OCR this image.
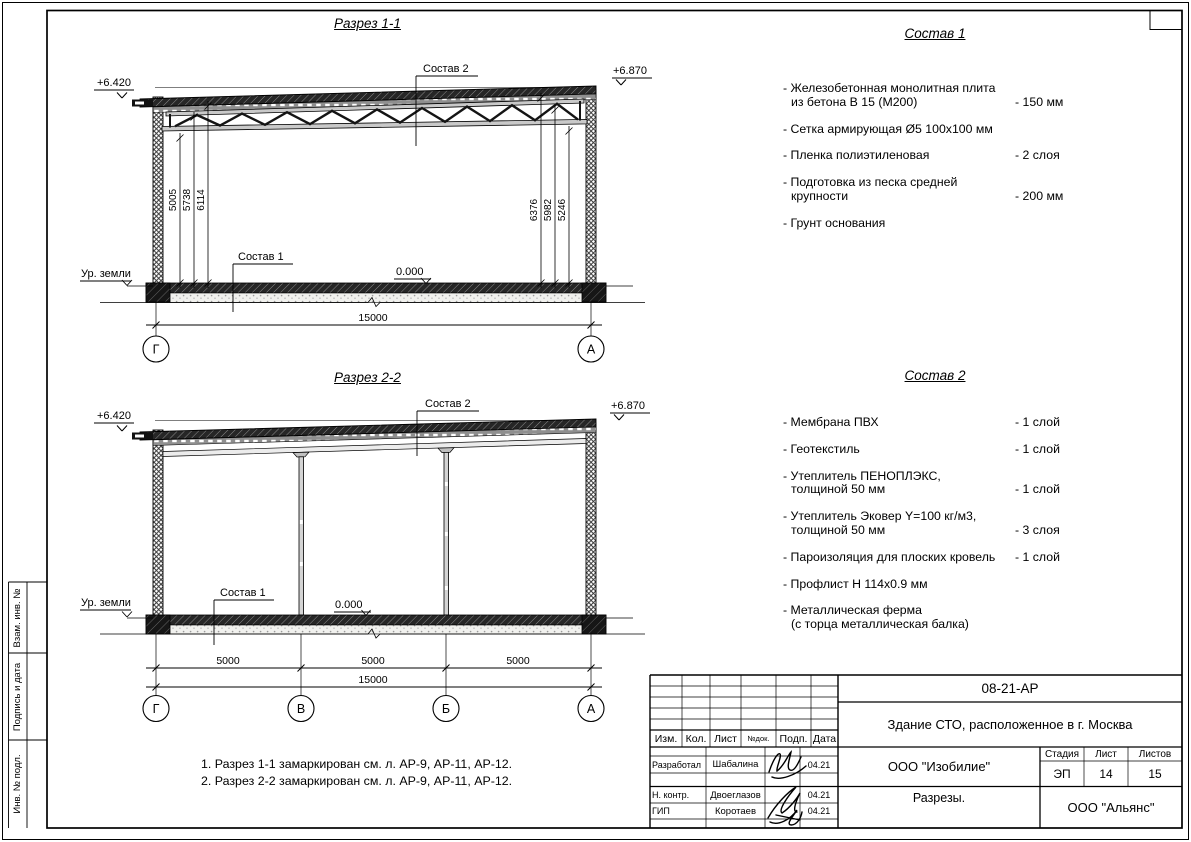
+6.420
+6.870
Состав 2
Состав 1
0.000
Ур. земли
5005 5738 6114	6376 5982 5246
15000
Г	А
+6.420
+6.870
Состав 2
Состав 1
0.000
Ур. земли
5000	5000	5000
15000
Г	В	Б	А
Разрез 1-1
Разрез 2-2
Состав 1
Состав 2
- Железобетонная монолитная плита
из бетона В 15 (М200)	- 150 мм
- Сетка армирующая Ø5 100x100 мм
- Пленка полиэтиленовая	- 2 слоя
- Подготовка из песка средней
крупности	- 200 мм
- Грунт основания
- Мембрана ПВХ	- 1 слой
- Геотекстиль	- 1 слой
- Утеплитель ПЕНОПЛЭКС,
толщиной 50 мм	- 1 слой
- Утеплитель Эковер Y=100 кг/м3,
толщиной 50 мм	- 3 слоя
- Пароизоляция для плоских кровель	- 1 слой
- Профлист Н 114x0.9 мм
- Металлическая ферма
(с торца металлическая балка)
1. Разрез 1-1 замаркирован см. л. АР-9, АР-11, АР-12.
2. Разрез 2-2 замаркирован см. л. АР-9, АР-11, АР-12.
08-21-АР
Здание СТО, расположенное в г. Москва
ООО "Изобилие"
Разрезы.
ООО "Альянс"
Стадия	Лист	Листов
ЭП	14	15
Изм. Кол. Лист	№док. Подп. Дата
Разработал	Шабалина	04.21
Н. контр.	Двоеглазов	04.21
ГИП	Коротаев	04.21
Взам. инв. №
Подпись и дата
Инв. № подл.
